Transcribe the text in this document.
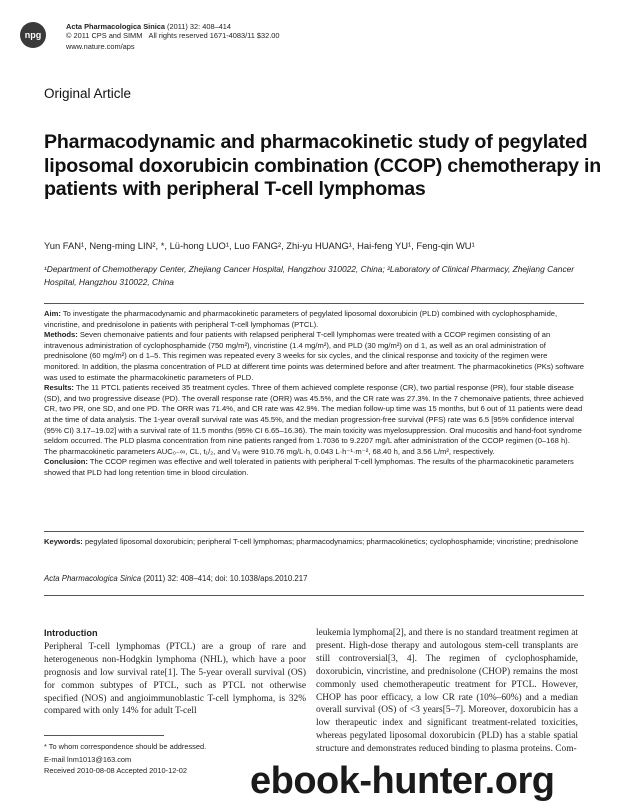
npg
Acta Pharmacologica Sinica (2011) 32: 408–414
© 2011 CPS and SIMM All rights reserved 1671-4083/11 $32.00
www.nature.com/aps
Original Article
Pharmacodynamic and pharmacokinetic study of pegylated liposomal doxorubicin combination (CCOP) chemotherapy in patients with peripheral T-cell lymphomas
Yun FAN¹, Neng-ming LIN², *, Lü-hong LUO¹, Luo FANG², Zhi-yu HUANG¹, Hai-feng YU¹, Feng-qin WU¹
¹Department of Chemotherapy Center, Zhejiang Cancer Hospital, Hangzhou 310022, China; ²Laboratory of Clinical Pharmacy, Zhejiang Cancer Hospital, Hangzhou 310022, China

Aim: To investigate the pharmacodynamic and pharmacokinetic parameters of pegylated liposomal doxorubicin (PLD) combined with cyclophosphamide, vincristine, and prednisolone in patients with peripheral T-cell lymphomas (PTCL).

Methods: Seven chemonaive patients and four patients with relapsed peripheral T-cell lymphomas were treated with a CCOP regimen consisting of an intravenous administration of cyclophosphamide (750 mg/m²), vincristine (1.4 mg/m²), and PLD (30 mg/m²) on d 1, as well as an oral administration of prednisolone (60 mg/m²) on d 1–5. This regimen was repeated every 3 weeks for six cycles, and the clinical response and toxicity of the regimen were monitored. In addition, the plasma concentration of PLD at different time points was determined before and after treatment. The pharmacokinetics (PKs) software was used to estimate the pharmacokinetic parameters of PLD.

Results: The 11 PTCL patients received 35 treatment cycles. Three of them achieved complete response (CR), two partial response (PR), four stable disease (SD), and two progressive disease (PD). The overall response rate (ORR) was 45.5%, and the CR rate was 27.3%. In the 7 chemonaive patients, three achieved CR, two PR, one SD, and one PD. The ORR was 71.4%, and CR rate was 42.9%. The median follow-up time was 15 months, but 6 out of 11 patients were dead at the time of data analysis. The 1-year overall survival rate was 45.5%, and the median progression-free survival (PFS) rate was 6.5 [95% confidence interval (95% CI) 3.17–19.02] with a survival rate of 11.5 months (95% CI 6.65–16.36). The main toxicity was myelosuppression. Oral mucositis and hand-foot syndrome seldom occurred. The PLD plasma concentration from nine patients ranged from 1.7036 to 9.2207 mg/L after administration of the CCOP regimen (0–168 h). The pharmacokinetic parameters AUC₀₋∞, CL, t₁/₂, and V₀ were 910.76 mg/L·h, 0.043 L·h⁻¹·m⁻², 68.40 h, and 3.56 L/m², respectively.

Conclusion: The CCOP regimen was effective and well tolerated in patients with peripheral T-cell lymphomas. The results of the pharmacokinetic parameters showed that PLD had long retention time in blood circulation.

Keywords: pegylated liposomal doxorubicin; peripheral T-cell lymphomas; pharmacodynamics; pharmacokinetics; cyclophosphamide; vincristine; prednisolone
Acta Pharmacologica Sinica (2011) 32: 408–414; doi: 10.1038/aps.2010.217
Introduction
Peripheral T-cell lymphomas (PTCL) are a group of rare and heterogeneous non-Hodgkin lymphoma (NHL), which have a poor prognosis and low survival rate[1]. The 5-year overall survival (OS) for common subtypes of PTCL, such as PTCL not otherwise specified (NOS) and angioimmunoblastic T-cell lymphoma, is 32% compared with only 14% for adult T-cell
leukemia lymphoma[2], and there is no standard treatment regimen at present. High-dose therapy and autologous stem-cell transplants are still controversial[3, 4]. The regimen of cyclophosphamide, doxorubicin, vincristine, and prednisolone (CHOP) remains the most commonly used chemotherapeutic treatment for PTCL. However, CHOP has poor efficacy, a low CR rate (10%–60%) and a median overall survival (OS) of <3 years[5–7]. Moreover, doxorubicin has a low therapeutic index and significant treatment-related toxicities, whereas pegylated liposomal doxorubicin (PLD) has a stable spatial structure and demonstrates reduced binding to plasma proteins. Com-
* To whom correspondence should be addressed.
E-mail lnm1013@163.com
Received 2010-08-08 Accepted 2010-12-02 ebook-hunter.org
